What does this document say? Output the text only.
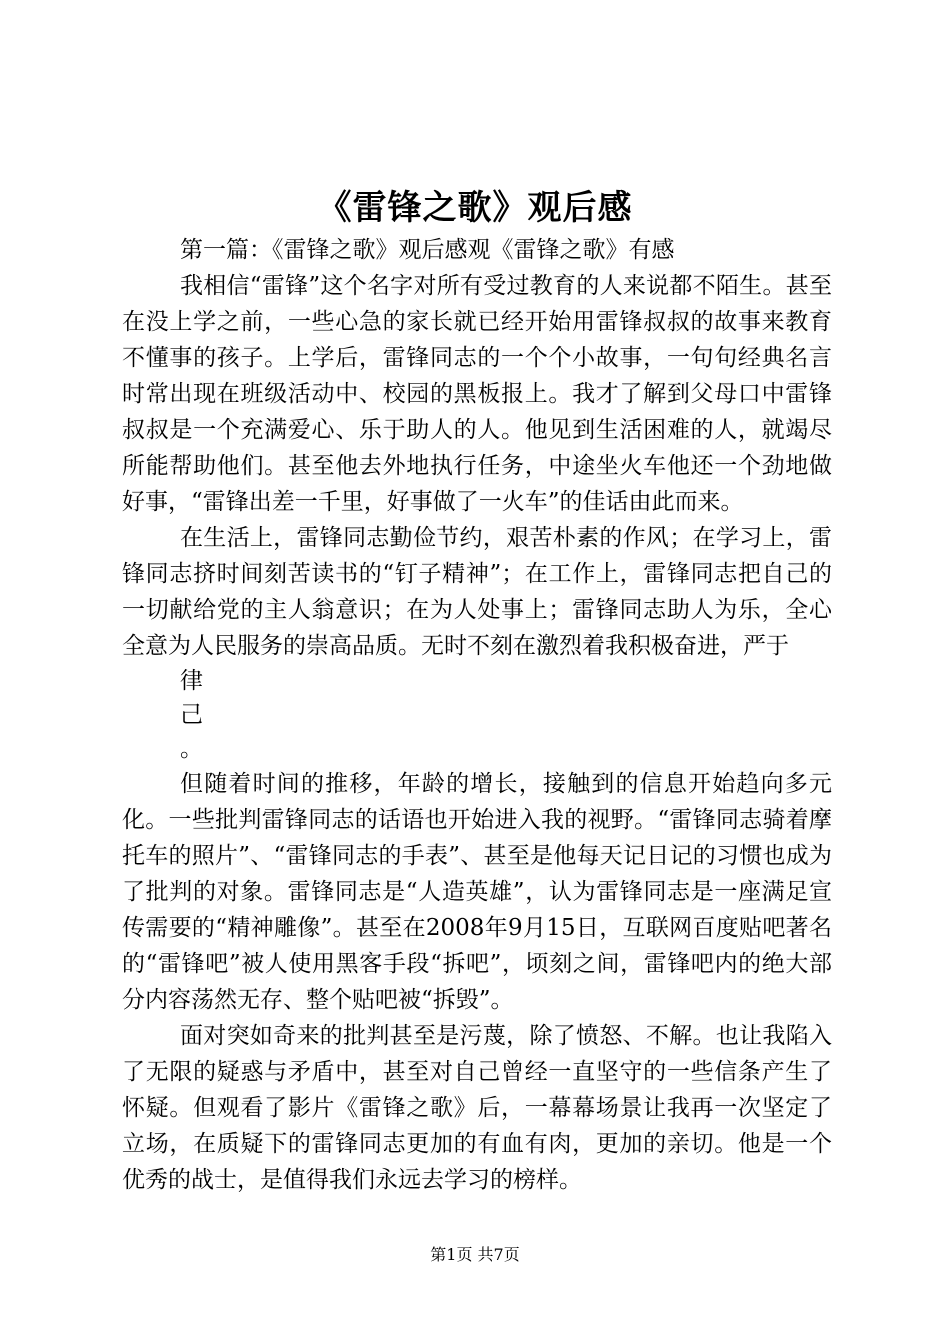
《雷锋之歌》观后感

第一篇：《雷锋之歌》观后感观《雷锋之歌》有感

我相信“雷锋”这个名字对所有受过教育的人来说都不陌生。甚至在没上学之前，一些心急的家长就已经开始用雷锋叔叔的故事来教育不懂事的孩子。上学后，雷锋同志的一个个小故事，一句句经典名言时常出现在班级活动中、校园的黑板报上。我才了解到父母口中雷锋叔叔是一个充满爱心、乐于助人的人。他见到生活困难的人，就竭尽所能帮助他们。甚至他去外地执行任务，中途坐火车他还一个劲地做好事，“雷锋出差一千里，好事做了一火车”的佳话由此而来。

在生活上，雷锋同志勤俭节约，艰苦朴素的作风；在学习上，雷锋同志挤时间刻苦读书的“钉子精神”；在工作上，雷锋同志把自己的一切献给党的主人翁意识；在为人处事上；雷锋同志助人为乐，全心全意为人民服务的崇高品质。无时不刻在激烈着我积极奋进，严于

律
己
。

但随着时间的推移，年龄的增长，接触到的信息开始趋向多元化。一些批判雷锋同志的话语也开始进入我的视野。“雷锋同志骑着摩托车的照片”、“雷锋同志的手表”、甚至是他每天记日记的习惯也成为了批判的对象。雷锋同志是“人造英雄”，认为雷锋同志是一座满足宣传需要的“精神雕像”。甚至在2008年9月15日，互联网百度贴吧著名的“雷锋吧”被人使用黑客手段“拆吧”，顷刻之间，雷锋吧内的绝大部分内容荡然无存、整个贴吧被“拆毁”。

面对突如奇来的批判甚至是污蔑，除了愤怒、不解。也让我陷入了无限的疑惑与矛盾中，甚至对自己曾经一直坚守的一些信条产生了怀疑。但观看了影片《雷锋之歌》后，一幕幕场景让我再一次坚定了立场，在质疑下的雷锋同志更加的有血有肉，更加的亲切。他是一个优秀的战士，是值得我们永远去学习的榜样。

第1页 共7页
